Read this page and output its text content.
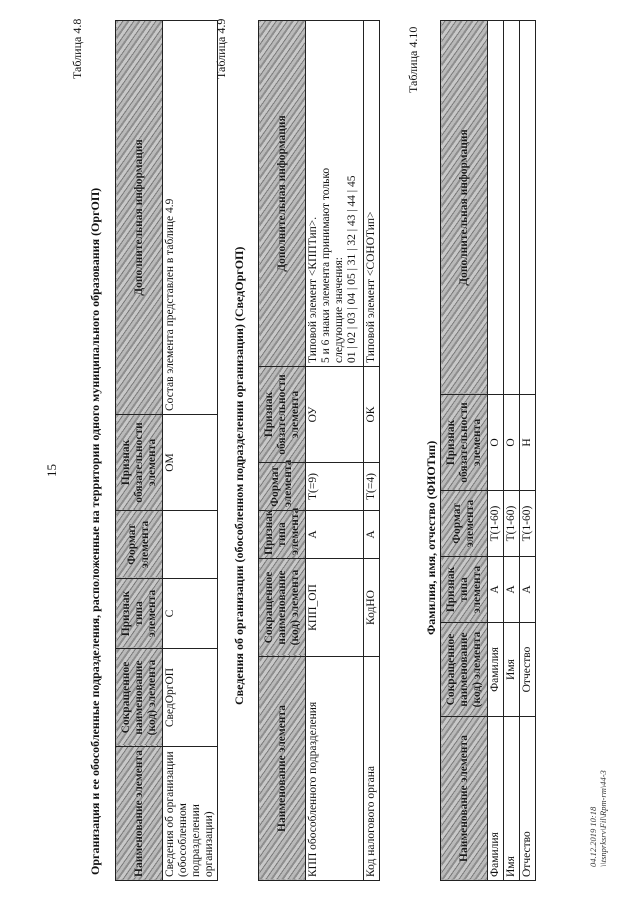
15
Таблица 4.8
Организация и ее обособленные подразделения, расположенные на территории одного муниципального образования (ОргОП)	Наименование элемента	Сокращенное наименование (код) элемента	Признак типа элемента	Формат элемента	Признак обязательности элемента	Дополнительная информация
Сведения об организации (обособленном подразделении организации)	СведОргОП	С		ОМ	Состав элемента представлен в таблице 4.9
Таблица 4.9
Сведения об организации (обособленном подразделении организации) (СведОргОП)
Наименование элемента	Сокращенное наименование (код) элемента	Признак типа элемента	Формат элемента	Признак обязательности элемента	Дополнительная информация
КПП обособленного подразделения	КПП_ОП	А	Т(=9)	ОУ	Типовой элемент <КППТип>. 5 и 6 знаки элемента принимают только следующие значения: 01 | 02 | 03 | 04 | 05 | 31 | 32 | 43 | 44 | 45

Код налогового органа	КодНО	А	Т(=4)	ОК	Типовой элемент <СОНОТип>
Таблица 4.10
Фамилия, имя, отчество (ФИОТип)
Наименование элемента	Сокращенное наименование (код) элемента	Признак типа элемента	Формат элемента	Признак обязательности элемента	Дополнительная информация
Фамилия	Фамилия	А	Т(1-60)	О	
Имя	Имя	А	Т(1-60)	О	
Отчество	Отчество	А	Т(1-60)	Н	
04.12.2019 10:18 \\tsnprksrv\Fil\Rpm-rm\44-3
